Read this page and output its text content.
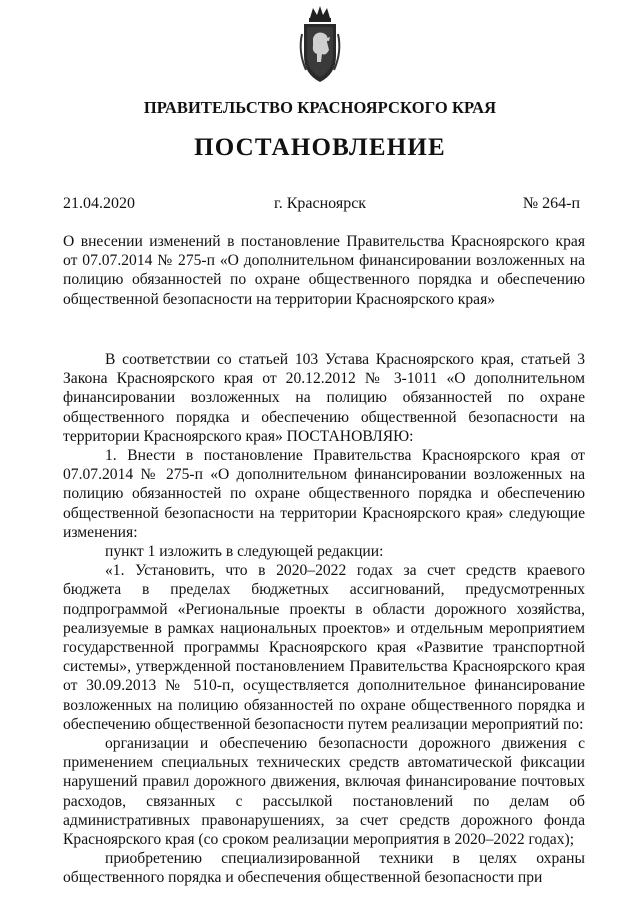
ПРАВИТЕЛЬСТВО КРАСНОЯРСКОГО КРАЯ
ПОСТАНОВЛЕНИЕ
21.04.2020	г. Красноярск	№ 264-п

О внесении изменений в постановление Правительства Красноярского края от 07.07.2014 № 275-п «О дополнительном финансировании возложенных на полицию обязанностей по охране общественного порядка и обеспечению общественной безопасности на территории Красноярского края»

В соответствии со статьей 103 Устава Красноярского края, статьей 3 Закона Красноярского края от 20.12.2012 № 3-1011 «О дополнительном финансировании возложенных на полицию обязанностей по охране общественного порядка и обеспечению общественной безопасности на территории Красноярского края» ПОСТАНОВЛЯЮ:

1. Внести в постановление Правительства Красноярского края от 07.07.2014 № 275-п «О дополнительном финансировании возложенных на полицию обязанностей по охране общественного порядка и обеспечению общественной безопасности на территории Красноярского края» следующие изменения:

пункт 1 изложить в следующей редакции:

«1. Установить, что в 2020–2022 годах за счет средств краевого бюджета в пределах бюджетных ассигнований, предусмотренных подпрограммой «Региональные проекты в области дорожного хозяйства, реализуемые в рамках национальных проектов» и отдельным мероприятием государственной программы Красноярского края «Развитие транспортной системы», утвержденной постановлением Правительства Красноярского края от 30.09.2013 № 510-п, осуществляется дополнительное финансирование возложенных на полицию обязанностей по охране общественного порядка и обеспечению общественной безопасности путем реализации мероприятий по:

организации и обеспечению безопасности дорожного движения с применением специальных технических средств автоматической фиксации нарушений правил дорожного движения, включая финансирование почтовых расходов, связанных с рассылкой постановлений по делам об административных правонарушениях, за счет средств дорожного фонда Красноярского края (со сроком реализации мероприятия в 2020–2022 годах);

приобретению специализированной техники в целях охраны общественного порядка и обеспечения общественной безопасности при
